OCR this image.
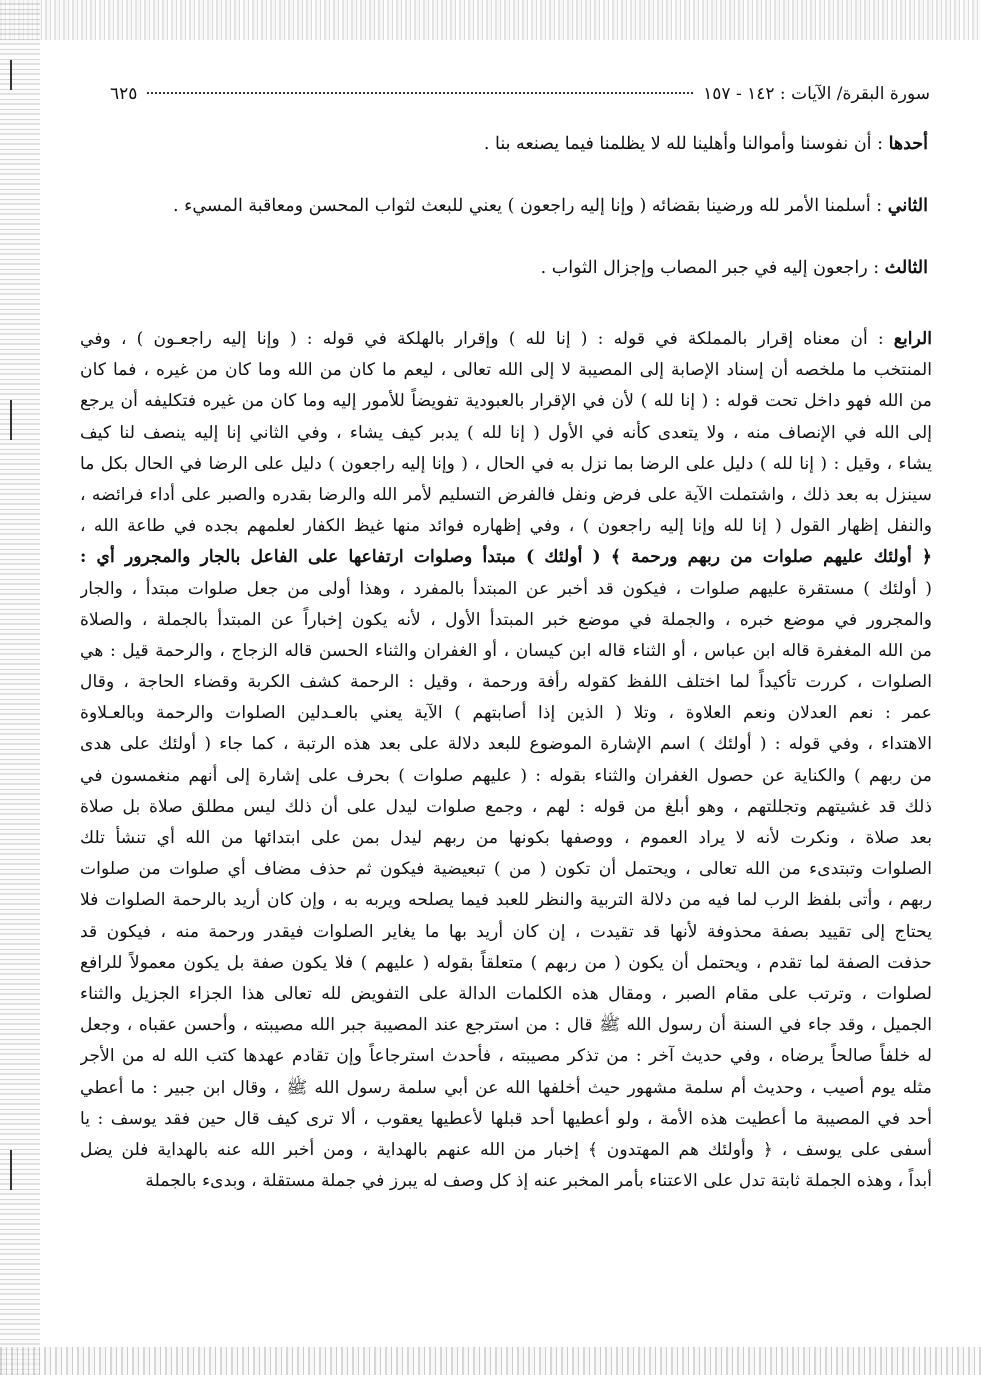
سورة البقرة/ الآيات : ١٤٢ - ١٥٧
٦٢٥
أحدها : أن نفوسنا وأموالنا وأهلينا لله لا يظلمنا فيما يصنعه بنا .
الثاني : أسلمنا الأمر لله ورضينا بقضائه ( وإنا إليه راجعون ) يعني للبعث لثواب المحسن ومعاقبة المسيء .
الثالث : راجعون إليه في جبر المصاب وإجزال الثواب .
الرابع : أن معناه إقرار بالمملكة في قوله : ( إنا لله ) وإقرار بالهلكة في قوله : ( وإنا إليه راجعـون ) ، وفي
المنتخب ما ملخصه أن إسناد الإصابة إلى المصيبة لا إلى الله تعالى ، ليعم ما كان من الله وما كان من غيره ، فما كان
من الله فهو داخل تحت قوله : ( إنا لله ) لأن في الإقرار بالعبودية تفويضاً للأمور إليه وما كان من غيره فتكليفه أن يرجع
إلى الله في الإنصاف منه ، ولا يتعدى كأنه في الأول ( إنا لله ) يدبر كيف يشاء ، وفي الثاني إنا إليه ينصف لنا كيف
يشاء ، وقيل : ( إنا لله ) دليل على الرضا بما نزل به في الحال ، ( وإنا إليه راجعون ) دليل على الرضا في الحال بكل ما
سينزل به بعد ذلك ، واشتملت الآية على فرض ونفل فالفرض التسليم لأمر الله والرضا بقدره والصبر على أداء فرائضه ،
والنفل إظهار القول ( إنا لله وإنا إليه راجعون ) ، وفي إظهاره فوائد منها غيظ الكفار لعلمهم بجده في طاعة الله ،
﴿ أولئك عليهم صلوات من ربهم ورحمة ﴾ ( أولئك ) مبتدأ وصلوات ارتفاعها على الفاعل بالجار والمجرور أي :
( أولئك ) مستقرة عليهم صلوات ، فيكون قد أخبر عن المبتدأ بالمفرد ، وهذا أولى من جعل صلوات مبتدأ ، والجار
والمجرور في موضع خبره ، والجملة في موضع خبر المبتدأ الأول ، لأنه يكون إخباراً عن المبتدأ بالجملة ، والصلاة
من الله المغفرة قاله ابن عباس ، أو الثناء قاله ابن كيسان ، أو الغفران والثناء الحسن قاله الزجاج ، والرحمة قيل : هي
الصلوات ، كررت تأكيداً لما اختلف اللفظ كقوله رأفة ورحمة ، وقيل : الرحمة كشف الكربة وقضاء الحاجة ، وقال
عمر : نعم العدلان ونعم العلاوة ، وتلا ( الذين إذا أصابتهم ) الآية يعني بالعـدلين الصلوات والرحمة وبالعـلاوة
الاهتداء ، وفي قوله : ( أولئك ) اسم الإشارة الموضوع للبعد دلالة على بعد هذه الرتبة ، كما جاء ( أولئك على هدى
من ربهم ) والكناية عن حصول الغفران والثناء بقوله : ( عليهم صلوات ) بحرف على إشارة إلى أنهم منغمسون في
ذلك قد غشيتهم وتجللتهم ، وهو أبلغ من قوله : لهم ، وجمع صلوات ليدل على أن ذلك ليس مطلق صلاة بل صلاة
بعد صلاة ، ونكرت لأنه لا يراد العموم ، ووصفها بكونها من ربهم ليدل بمن على ابتدائها من الله أي تنشأ تلك
الصلوات وتبتدىء من الله تعالى ، ويحتمل أن تكون ( من ) تبعيضية فيكون ثم حذف مضاف أي صلوات من صلوات
ربهم ، وأتى بلفظ الرب لما فيه من دلالة التربية والنظر للعبد فيما يصلحه ويربه به ، وإن كان أريد بالرحمة الصلوات فلا
يحتاج إلى تقييد بصفة محذوفة لأنها قد تقيدت ، إن كان أريد بها ما يغاير الصلوات فيقدر ورحمة منه ، فيكون قد
حذفت الصفة لما تقدم ، ويحتمل أن يكون ( من ربهم ) متعلقاً بقوله ( عليهم ) فلا يكون صفة بل يكون معمولاً للرافع
لصلوات ، وترتب على مقام الصبر ، ومقال هذه الكلمات الدالة على التفويض لله تعالى هذا الجزاء الجزيل والثناء
الجميل ، وقد جاء في السنة أن رسول الله ﷺ قال : من استرجع عند المصيبة جبر الله مصيبته ، وأحسن عقباه ، وجعل
له خلفاً صالحاً يرضاه ، وفي حديث آخر : من تذكر مصيبته ، فأحدث استرجاعاً وإن تقادم عهدها كتب الله له من الأجر
مثله يوم أصيب ، وحديث أم سلمة مشهور حيث أخلفها الله عن أبي سلمة رسول الله ﷺ ، وقال ابن جبير : ما أعطي
أحد في المصيبة ما أعطيت هذه الأمة ، ولو أعطيها أحد قبلها لأعطيها يعقوب ، ألا ترى كيف قال حين فقد يوسف : يا
أسفى على يوسف ، ﴿ وأولئك هم المهتدون ﴾ إخبار من الله عنهم بالهداية ، ومن أخبر الله عنه بالهداية فلن يضل
أبداً ، وهذه الجملة ثابتة تدل على الاعتناء بأمر المخبر عنه إذ كل وصف له يبرز في جملة مستقلة ، وبدىء بالجملة
